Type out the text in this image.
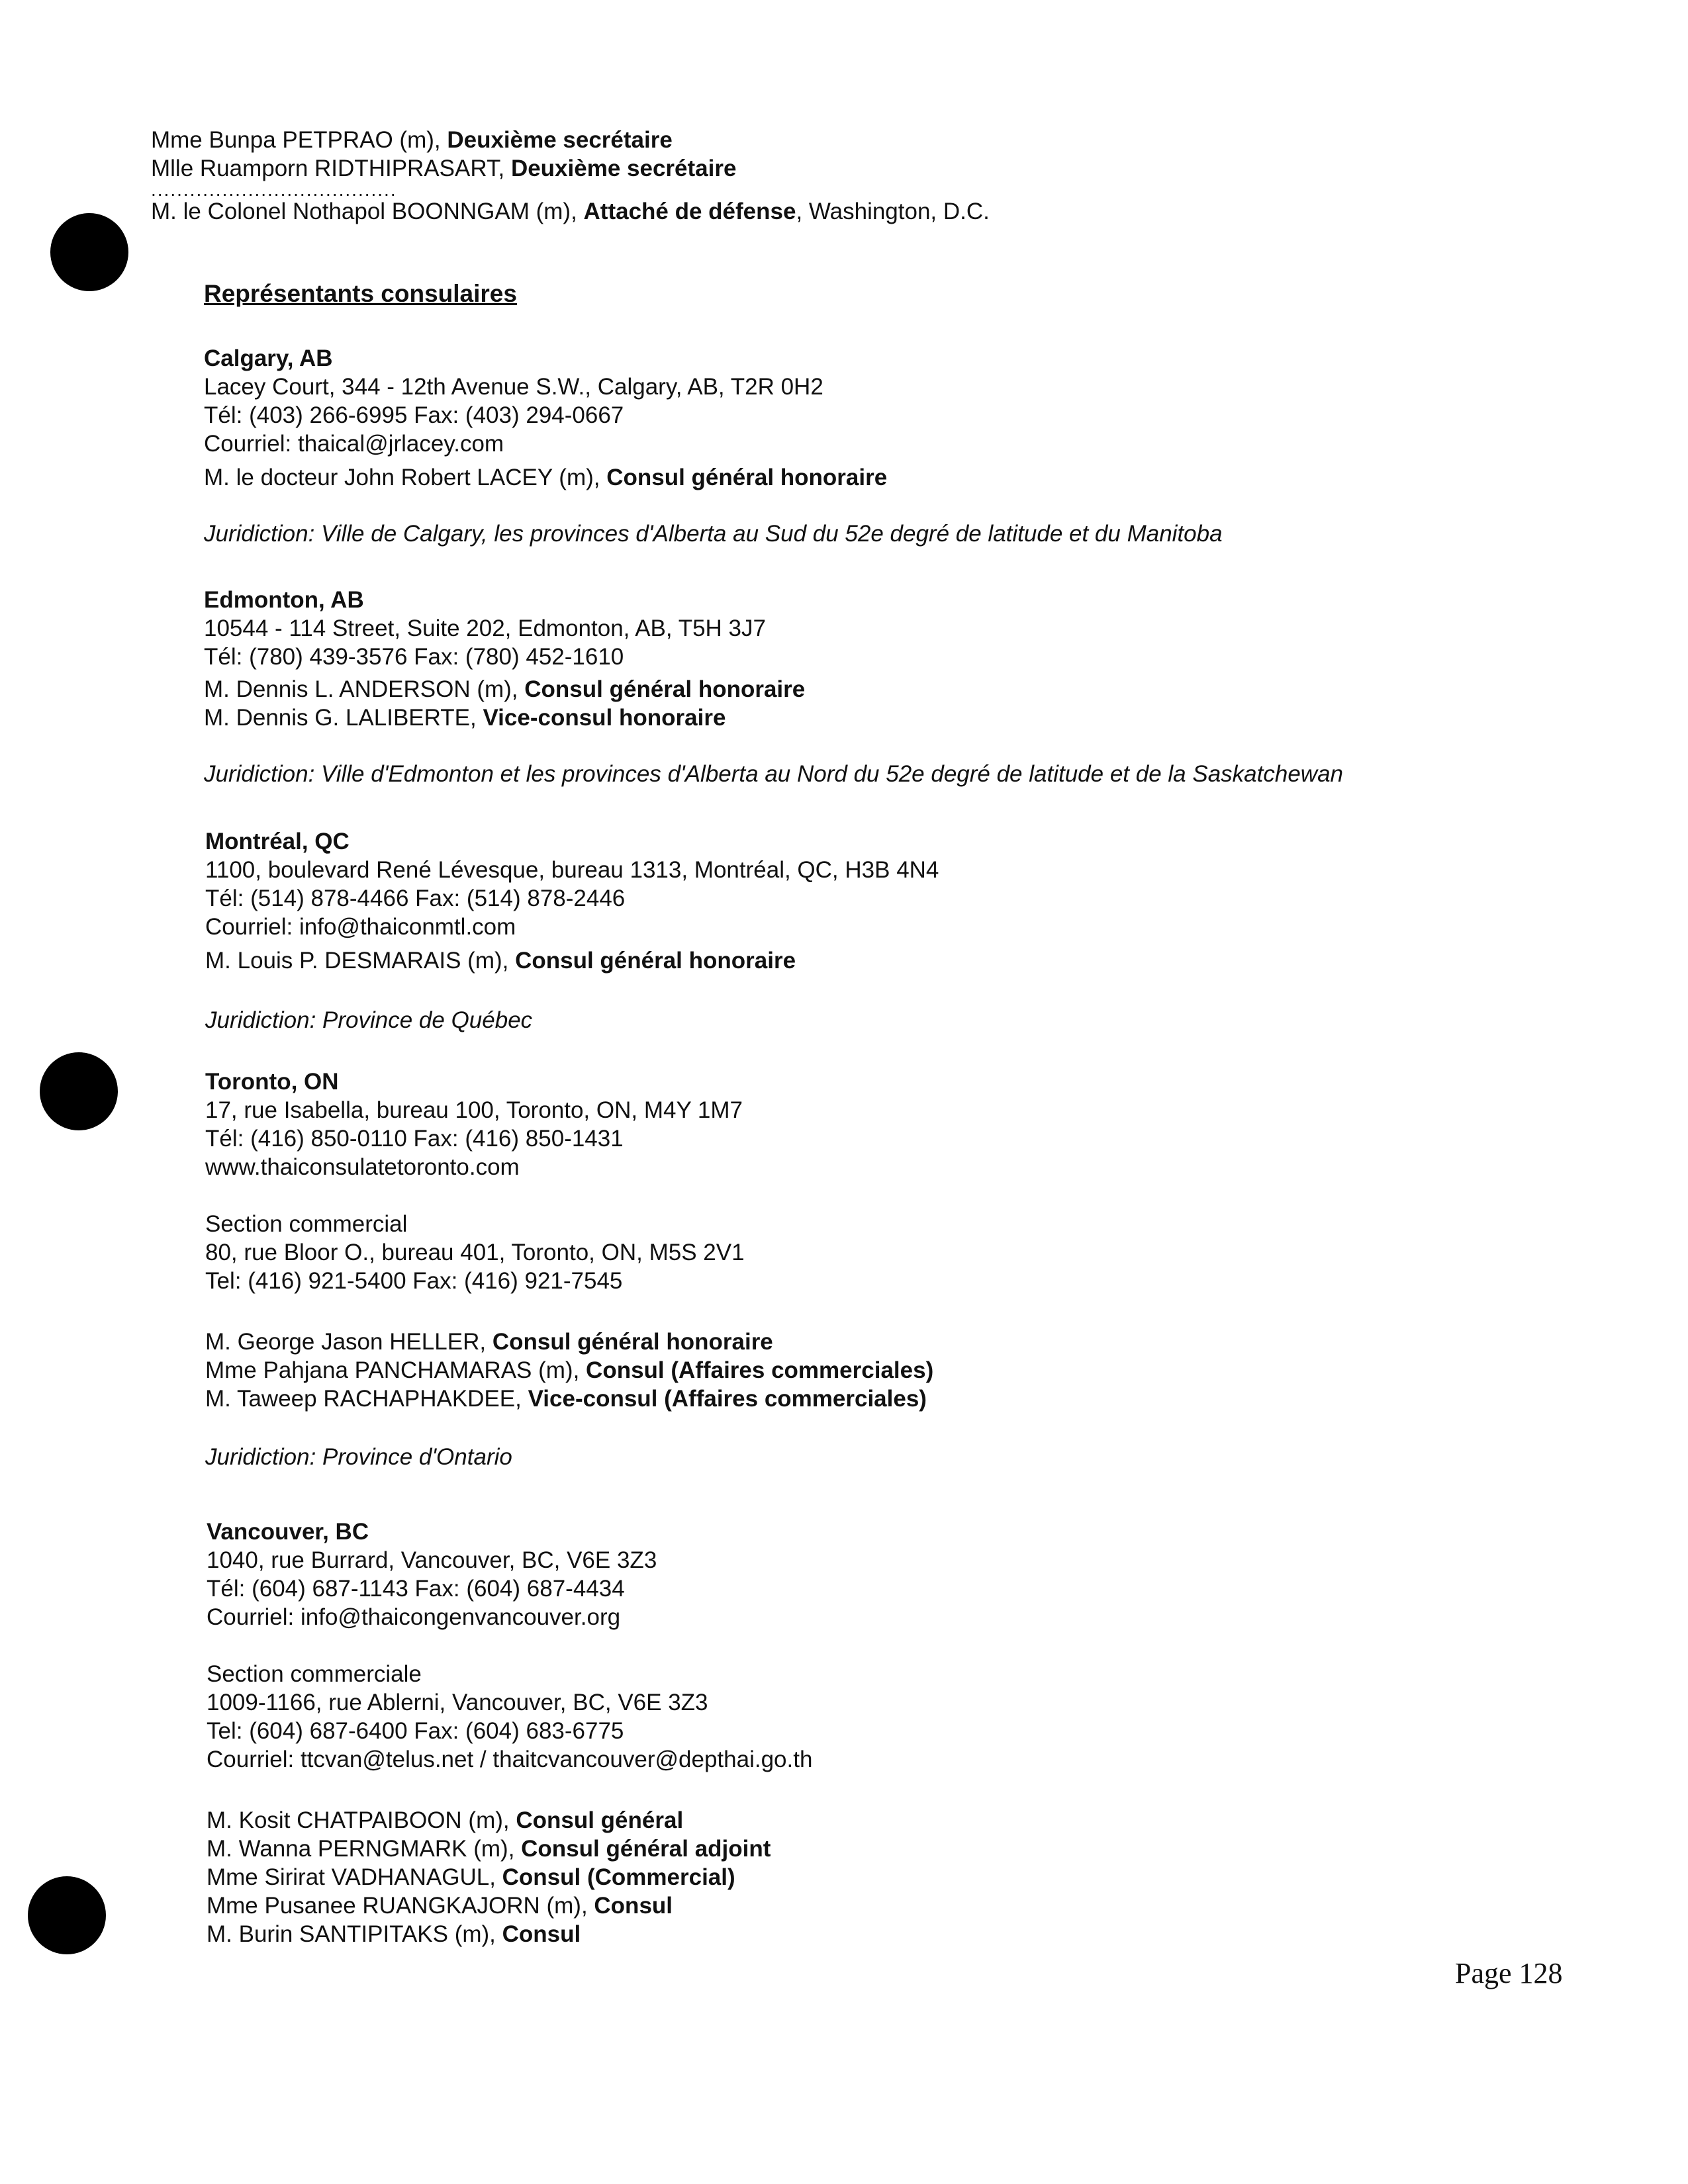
Mme Bunpa PETPRAO (m), Deuxième secrétaire
Mlle Ruamporn RIDTHIPRASART, Deuxième secrétaire
......................................
M. le Colonel Nothapol BOONNGAM (m), Attaché de défense, Washington, D.C.
Représentants consulaires
Calgary, AB
Lacey Court, 344 - 12th Avenue S.W., Calgary, AB, T2R 0H2
Tél: (403) 266-6995 Fax: (403) 294-0667
Courriel: thaical@jrlacey.com
M. le docteur John Robert LACEY (m), Consul général honoraire
Juridiction: Ville de Calgary, les provinces d'Alberta au Sud du 52e degré de latitude et du Manitoba
Edmonton, AB
10544 - 114 Street, Suite 202, Edmonton, AB, T5H 3J7
Tél: (780) 439-3576 Fax: (780) 452-1610
M. Dennis L. ANDERSON (m), Consul général honoraire
M. Dennis G. LALIBERTE, Vice-consul honoraire
Juridiction: Ville d'Edmonton et les provinces d'Alberta au Nord du 52e degré de latitude et de la Saskatchewan
Montréal, QC
1100, boulevard René Lévesque, bureau 1313, Montréal, QC, H3B 4N4
Tél: (514) 878-4466 Fax: (514) 878-2446
Courriel: info@thaiconmtl.com
M. Louis P. DESMARAIS (m), Consul général honoraire
Juridiction: Province de Québec
Toronto, ON
17, rue Isabella, bureau 100, Toronto, ON, M4Y 1M7
Tél: (416) 850-0110 Fax: (416) 850-1431
www.thaiconsulatetoronto.com
Section commercial
80, rue Bloor O., bureau 401, Toronto, ON, M5S 2V1
Tel: (416) 921-5400 Fax: (416) 921-7545
M. George Jason HELLER, Consul général honoraire
Mme Pahjana PANCHAMARAS (m), Consul (Affaires commerciales)
M. Taweep RACHAPHAKDEE, Vice-consul (Affaires commerciales)
Juridiction: Province d'Ontario
Vancouver, BC
1040, rue Burrard, Vancouver, BC, V6E 3Z3
Tél: (604) 687-1143 Fax: (604) 687-4434
Courriel: info@thaicongenvancouver.org
Section commerciale
1009-1166, rue Ablerni, Vancouver, BC, V6E 3Z3
Tel: (604) 687-6400 Fax: (604) 683-6775
Courriel: ttcvan@telus.net / thaitcvancouver@depthai.go.th
M. Kosit CHATPAIBOON (m), Consul général
M. Wanna PERNGMARK (m), Consul général adjoint
Mme Sirirat VADHANAGUL, Consul (Commercial)
Mme Pusanee RUANGKAJORN (m), Consul
M. Burin SANTIPITAKS (m), Consul
Page 128
